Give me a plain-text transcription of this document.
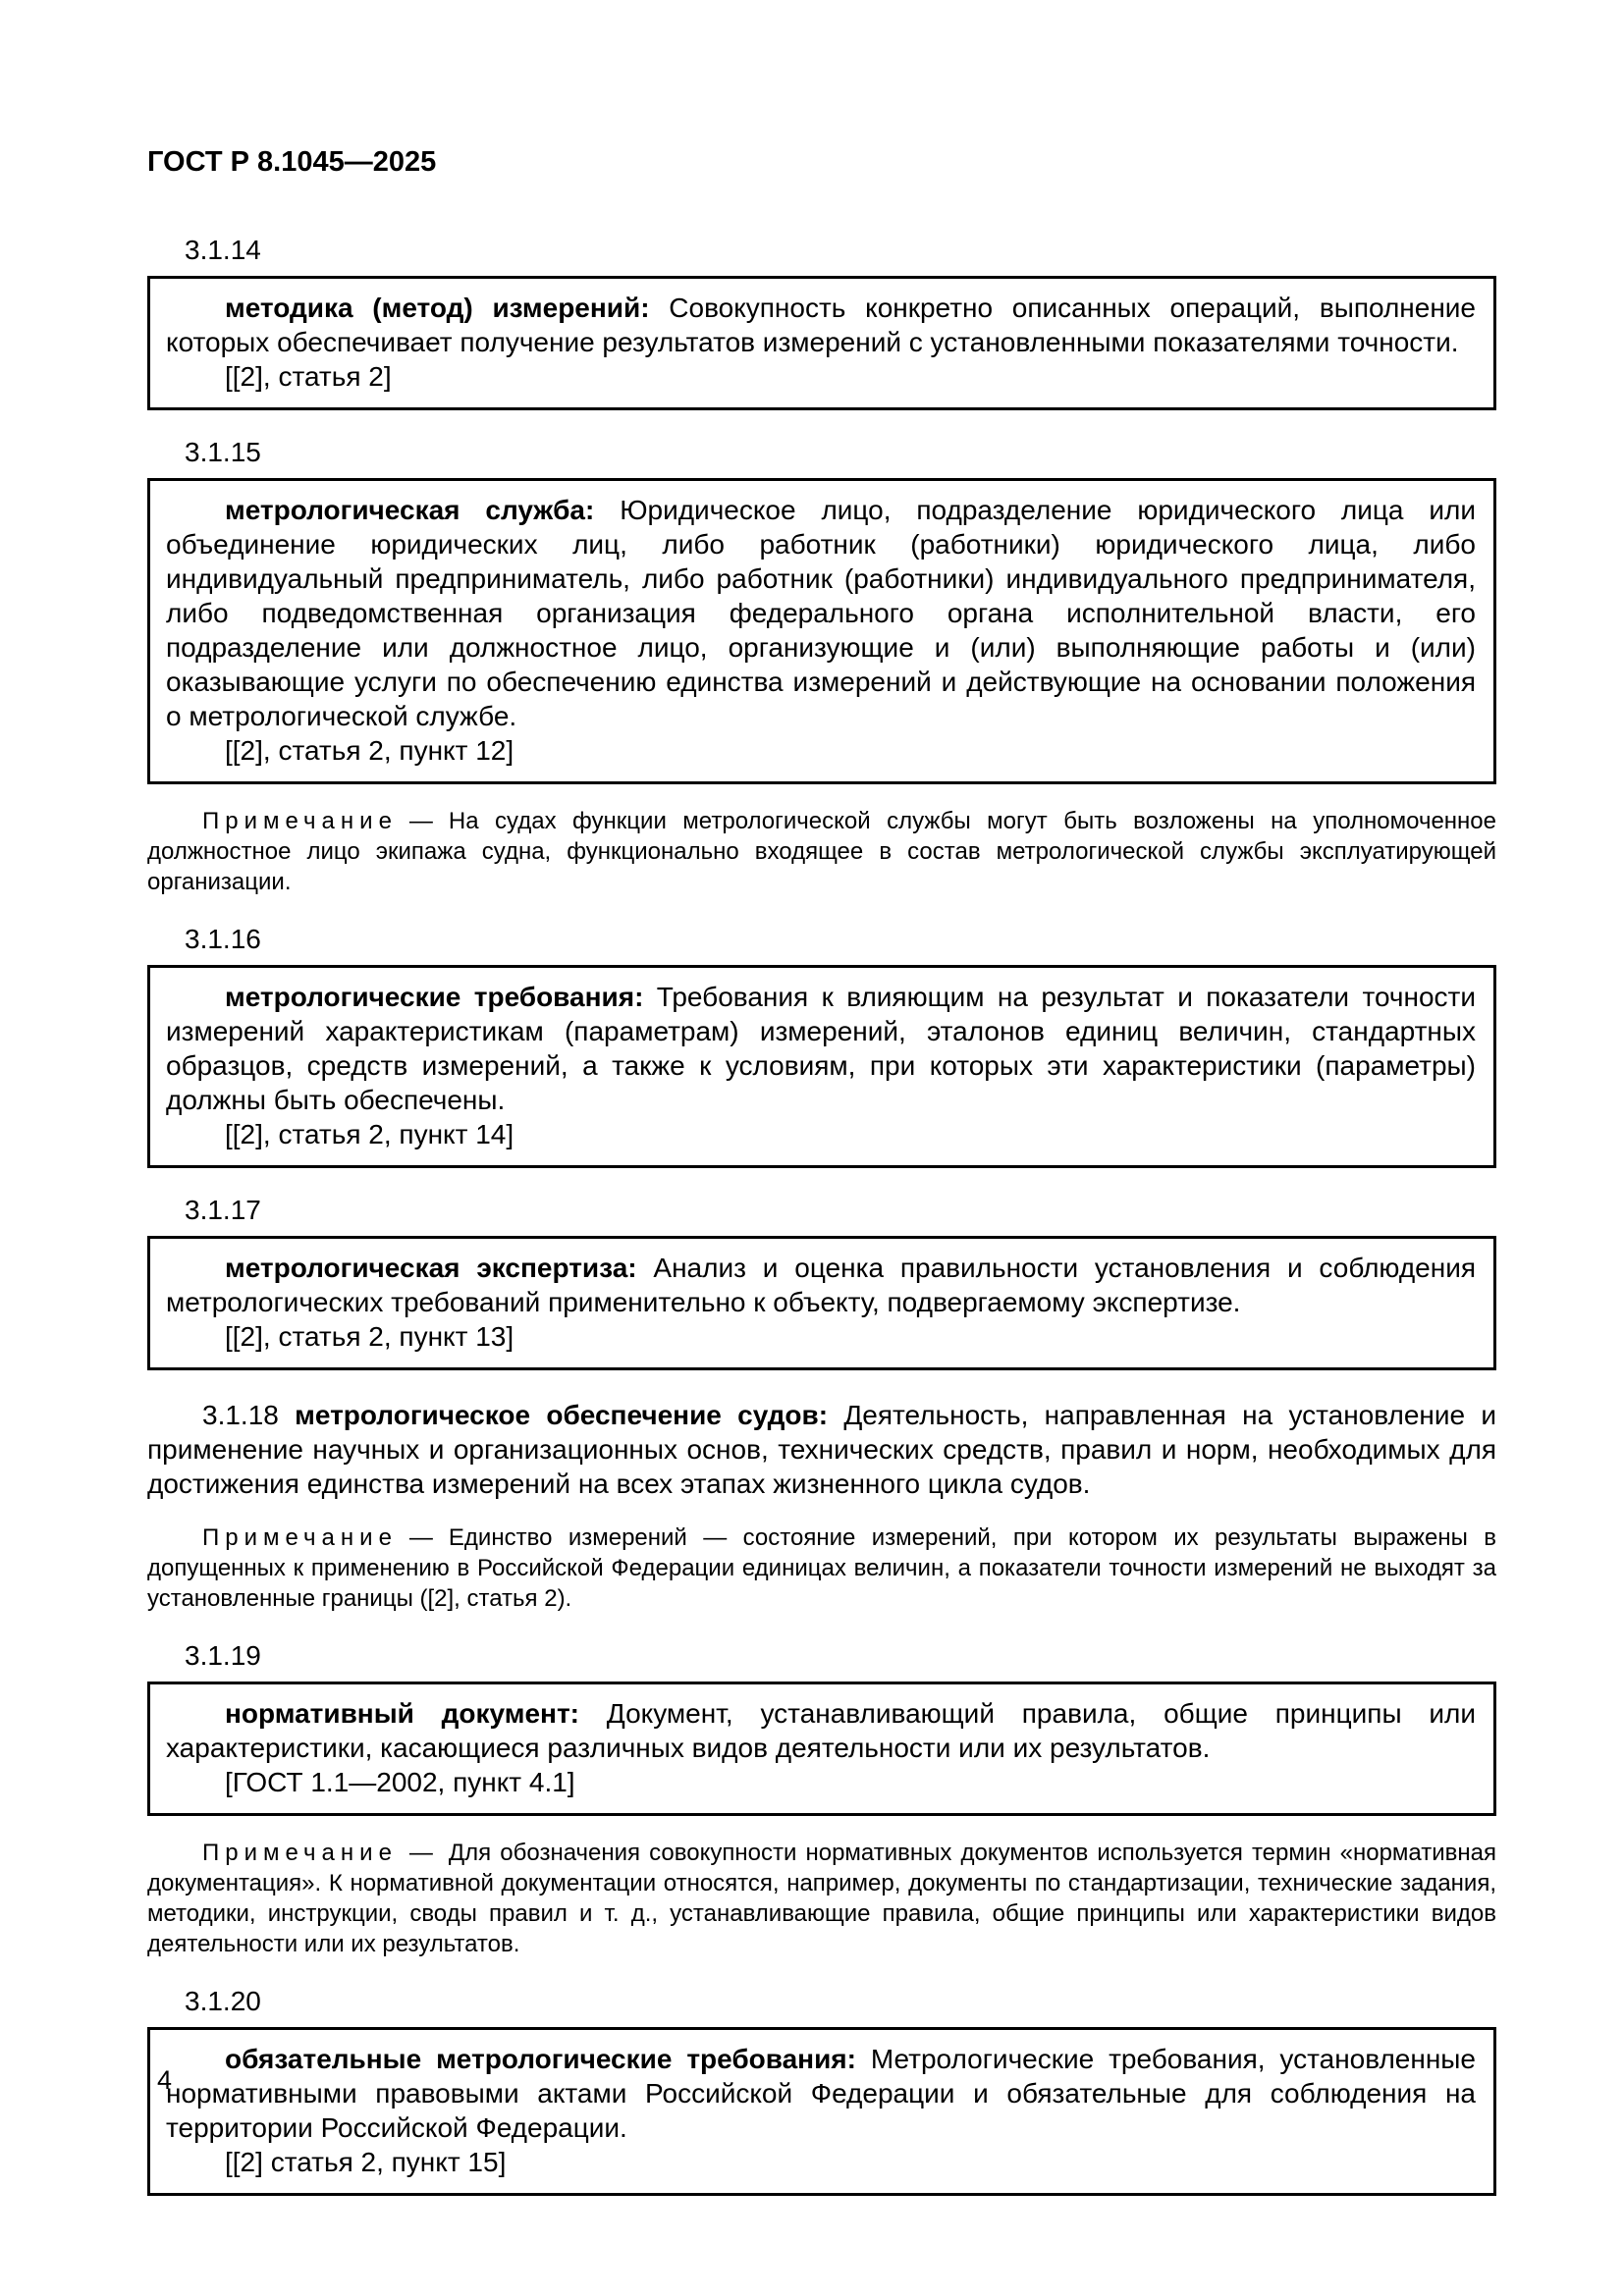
ГОСТ Р 8.1045—2025
3.1.14

методика (метод) измерений: Совокупность конкретно описанных операций, выполнение которых обеспечивает получение результатов измерений с установленными показателями точности.

[[2], статья 2]

3.1.15

метрологическая служба: Юридическое лицо, подразделение юридического лица или объединение юридических лиц, либо работник (работники) юридического лица, либо индивидуальный предприниматель, либо работник (работники) индивидуального предпринимателя, либо подведомственная организация федерального органа исполнительной власти, его подразделение или должностное лицо, организующие и (или) выполняющие работы и (или) оказывающие услуги по обеспечению единства измерений и действующие на основании положения о метрологической службе.

[[2], статья 2, пункт 12]

Примечание — На судах функции метрологической службы могут быть возложены на уполномоченное должностное лицо экипажа судна, функционально входящее в состав метрологической службы эксплуатирующей организации.

3.1.16

метрологические требования: Требования к влияющим на результат и показатели точности измерений характеристикам (параметрам) измерений, эталонов единиц величин, стандартных образцов, средств измерений, а также к условиям, при которых эти характеристики (параметры) должны быть обеспечены.

[[2], статья 2, пункт 14]

3.1.17

метрологическая экспертиза: Анализ и оценка правильности установления и соблюдения метрологических требований применительно к объекту, подвергаемому экспертизе.

[[2], статья 2, пункт 13]

3.1.18 метрологическое обеспечение судов: Деятельность, направленная на установление и применение научных и организационных основ, технических средств, правил и норм, необходимых для достижения единства измерений на всех этапах жизненного цикла судов.

Примечание — Единство измерений — состояние измерений, при котором их результаты выражены в допущенных к применению в Российской Федерации единицах величин, а показатели точности измерений не выходят за установленные границы ([2], статья 2).

3.1.19

нормативный документ: Документ, устанавливающий правила, общие принципы или характеристики, касающиеся различных видов деятельности или их результатов.

[ГОСТ 1.1—2002, пункт 4.1]

Примечание — Для обозначения совокупности нормативных документов используется термин «нормативная документация». К нормативной документации относятся, например, документы по стандартизации, технические задания, методики, инструкции, своды правил и т. д., устанавливающие правила, общие принципы или характеристики видов деятельности или их результатов.

3.1.20

обязательные метрологические требования: Метрологические требования, установленные нормативными правовыми актами Российской Федерации и обязательные для соблюдения на территории Российской Федерации.

[[2] статья 2, пункт 15]

4
